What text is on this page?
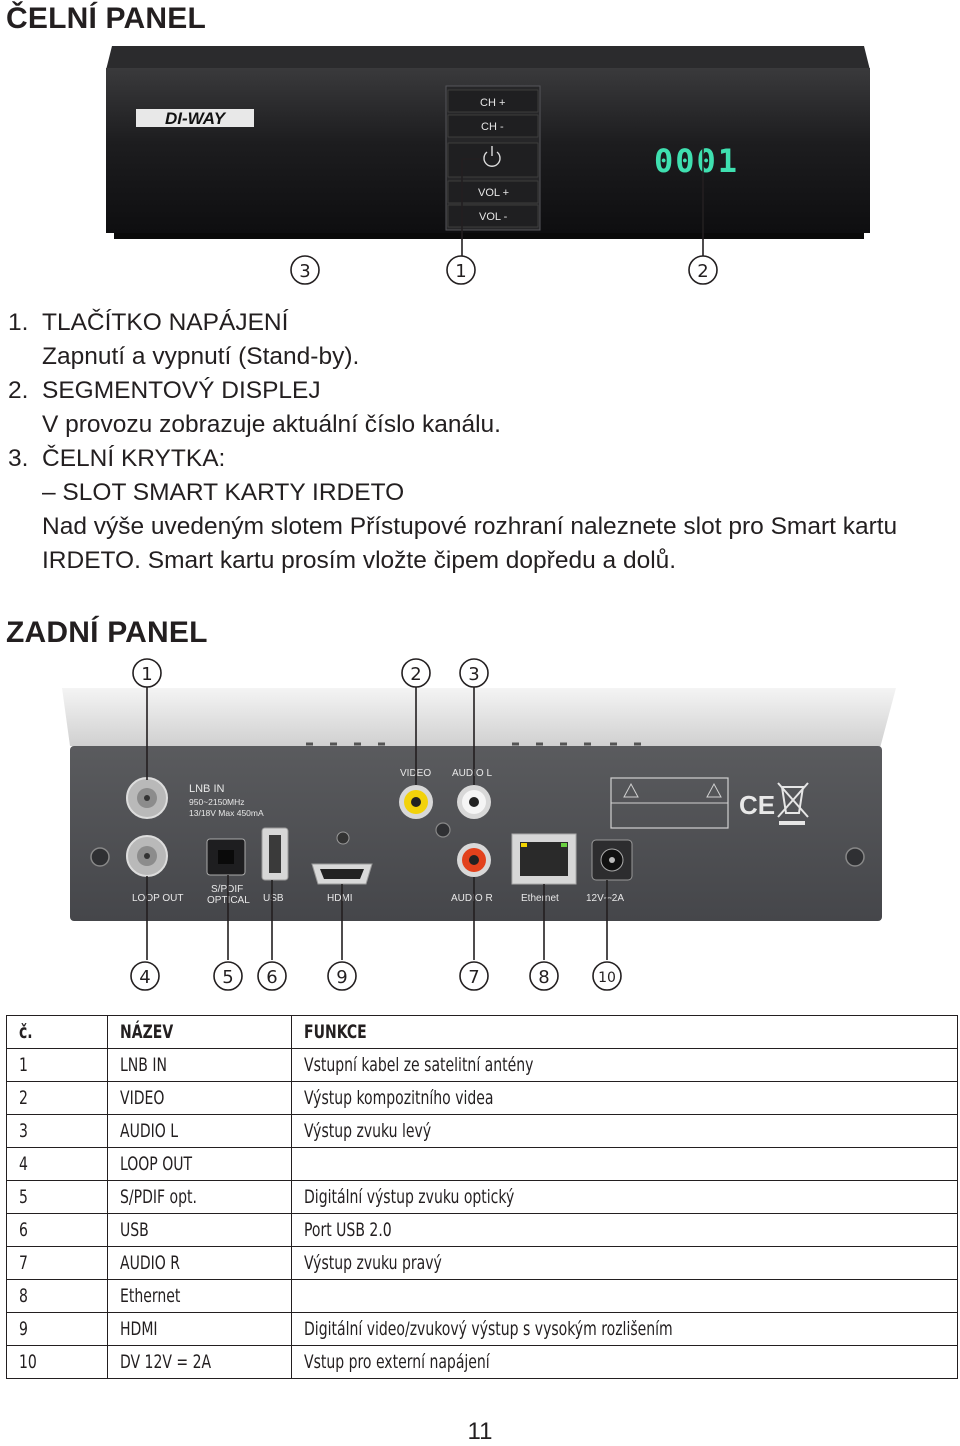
ČELNÍ PANEL
CH +
CH -
VOL +
VOL -
DI-WAY
0001
3	1	2
1. TLAČÍTKO NAPÁJENÍ
Zapnutí a vypnutí (Stand-by).
2. SEGMENTOVÝ DISPLEJ
V provozu zobrazuje aktuální číslo kanálu.
3. ČELNÍ KRYTKA:
– SLOT SMART KARTY IRDETO
Nad výše uvedeným slotem Přístupové rozhraní naleznete slot pro Smart kartu
IRDETO. Smart kartu prosím vložte čipem dopředu a dolů.
ZADNÍ PANEL
LNB IN
950~2150MHz
13/18V Max 450mA
LOOP OUT
S/PDIF
OPTICAL USB	HDMI
VIDEO AUDIO L
AUDIO R	Ethernet	12V⎓2A
CE
1	2	3
4	5 6	9	7	8	10
č.	NÁZEV	FUNKCE
1	LNB IN	Vstupní kabel ze satelitní antény
2	VIDEO	Výstup kompozitního videa
3	AUDIO L	Výstup zvuku levý
4	LOOP OUT	
5	S/PDIF opt.	Digitální výstup zvuku optický
6	USB	Port USB 2.0
7	AUDIO R	Výstup zvuku pravý
8	Ethernet	
9	HDMI	Digitální video/zvukový výstup s vysokým rozlišením
10	DV 12V = 2A	Vstup pro externí napájení
11
